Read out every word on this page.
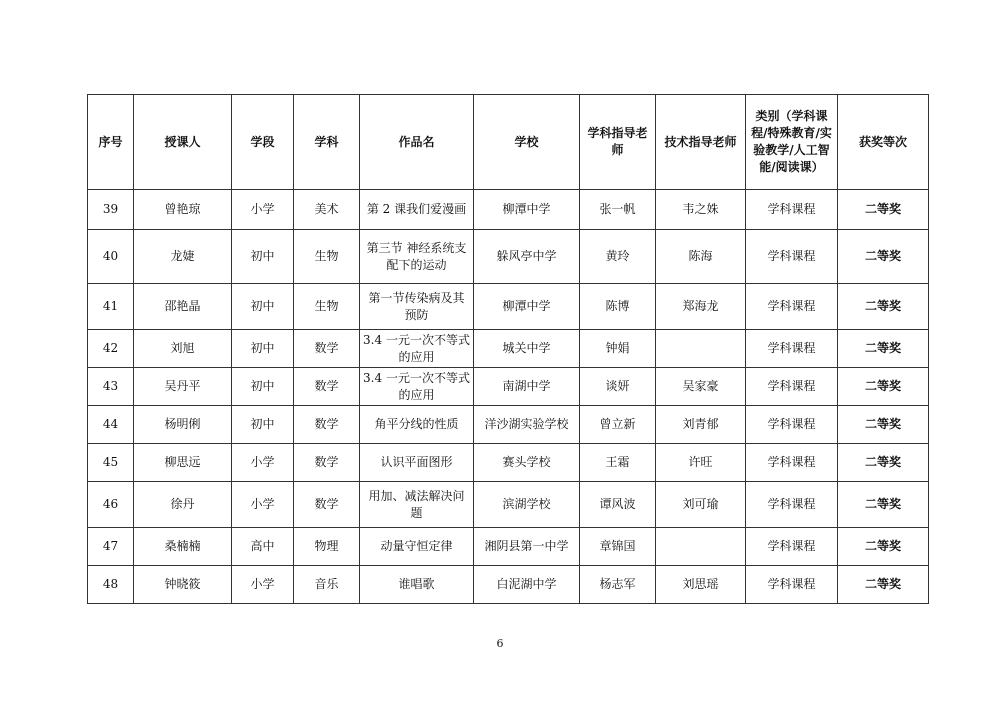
序号	授课人	学段	学科	作品名	学校	学科指导老师	技术指导老师	类别（学科课程/特殊教育/实验教学/人工智能/阅读课）	获奖等次
39	曾艳琼	小学	美术	第 2 课我们爱漫画	柳潭中学	张一帆	韦之姝	学科课程	二等奖
40	龙婕	初中	生物	第三节 神经系统支配下的运动	躲风亭中学	黄玲	陈海	学科课程	二等奖
41	邵艳晶	初中	生物	第一节传染病及其预防	柳潭中学	陈博	郑海龙	学科课程	二等奖
42	刘旭	初中	数学	3.4 一元一次不等式的应用	城关中学	钟娟		学科课程	二等奖
43	吴丹平	初中	数学	3.4 一元一次不等式的应用	南湖中学	谈妍	吴家豪	学科课程	二等奖
44	杨明俐	初中	数学	角平分线的性质	洋沙湖实验学校	曾立新	刘青郁	学科课程	二等奖
45	柳思远	小学	数学	认识平面图形	赛头学校	王霜	许旺	学科课程	二等奖
46	徐丹	小学	数学	用加、减法解决问题	滨湖学校	谭风波	刘可瑜	学科课程	二等奖
47	桑楠楠	高中	物理	动量守恒定律	湘阴县第一中学	章锦国		学科课程	二等奖
48	钟晓筱	小学	音乐	谁唱歌	白泥湖中学	杨志军	刘思瑶	学科课程	二等奖
6
